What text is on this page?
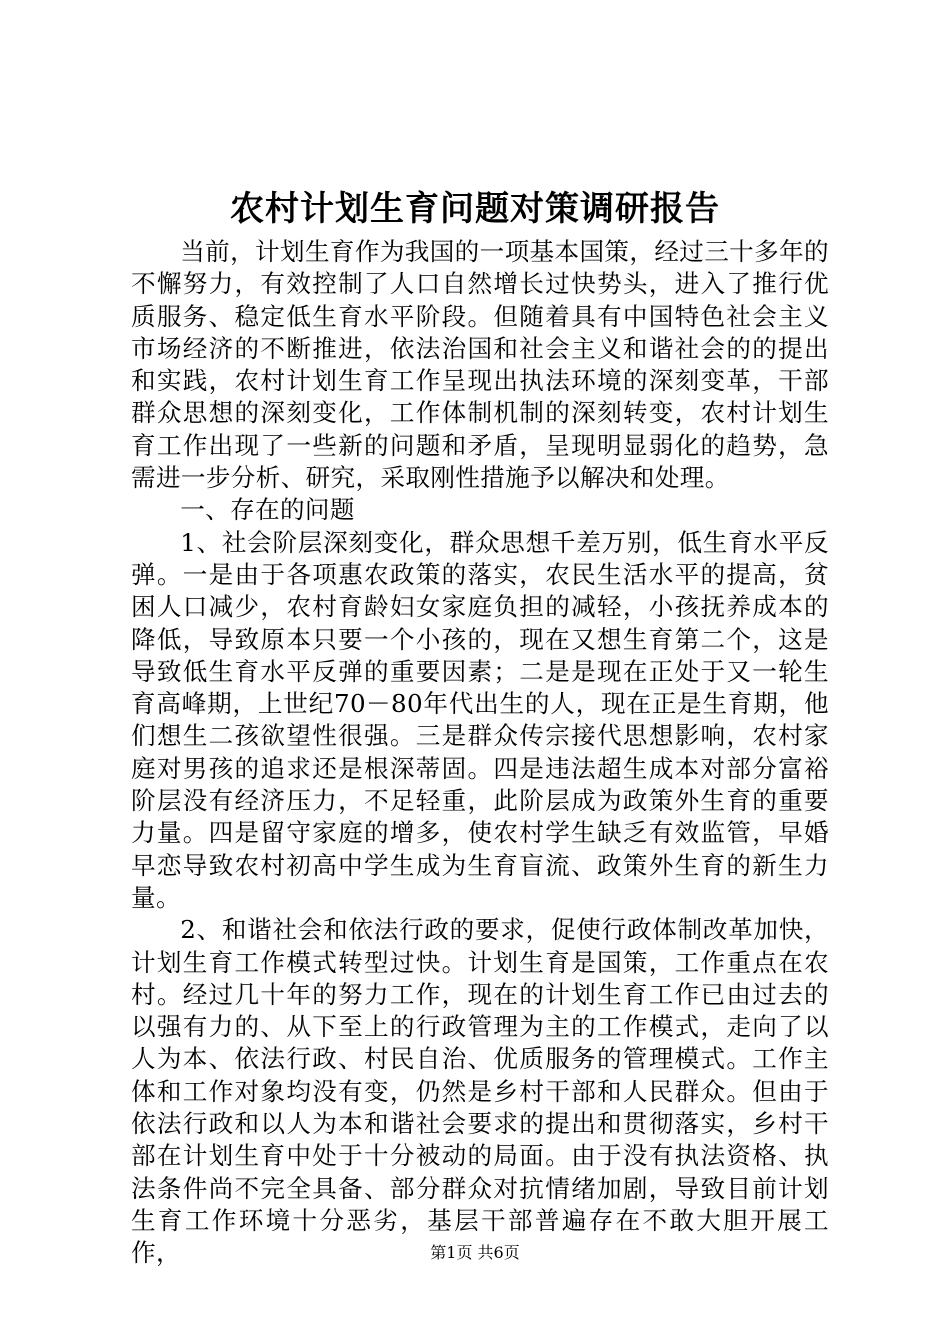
农村计划生育问题对策调研报告

当前，计划生育作为我国的一项基本国策，经过三十多年的不懈努力，有效控制了人口自然增长过快势头，进入了推行优质服务、稳定低生育水平阶段。但随着具有中国特色社会主义市场经济的不断推进，依法治国和社会主义和谐社会的的提出和实践，农村计划生育工作呈现出执法环境的深刻变革，干部群众思想的深刻变化，工作体制机制的深刻转变，农村计划生育工作出现了一些新的问题和矛盾，呈现明显弱化的趋势，急需进一步分析、研究，采取刚性措施予以解决和处理。

一、存在的问题

1、社会阶层深刻变化，群众思想千差万别，低生育水平反弹。一是由于各项惠农政策的落实，农民生活水平的提高，贫困人口减少，农村育龄妇女家庭负担的减轻，小孩抚养成本的降低，导致原本只要一个小孩的，现在又想生育第二个，这是导致低生育水平反弹的重要因素；二是是现在正处于又一轮生育高峰期，上世纪70－80年代出生的人，现在正是生育期，他们想生二孩欲望性很强。三是群众传宗接代思想影响，农村家庭对男孩的追求还是根深蒂固。四是违法超生成本对部分富裕阶层没有经济压力，不足轻重，此阶层成为政策外生育的重要力量。四是留守家庭的增多，使农村学生缺乏有效监管，早婚早恋导致农村初高中学生成为生育盲流、政策外生育的新生力量。

2、和谐社会和依法行政的要求，促使行政体制改革加快，计划生育工作模式转型过快。计划生育是国策，工作重点在农村。经过几十年的努力工作，现在的计划生育工作已由过去的以强有力的、从下至上的行政管理为主的工作模式，走向了以人为本、依法行政、村民自治、优质服务的管理模式。工作主体和工作对象均没有变，仍然是乡村干部和人民群众。但由于依法行政和以人为本和谐社会要求的提出和贯彻落实，乡村干部在计划生育中处于十分被动的局面。由于没有执法资格、执法条件尚不完全具备、部分群众对抗情绪加剧，导致目前计划生育工作环境十分恶劣，基层干部普遍存在不敢大胆开展工作，	第1页 共6页
